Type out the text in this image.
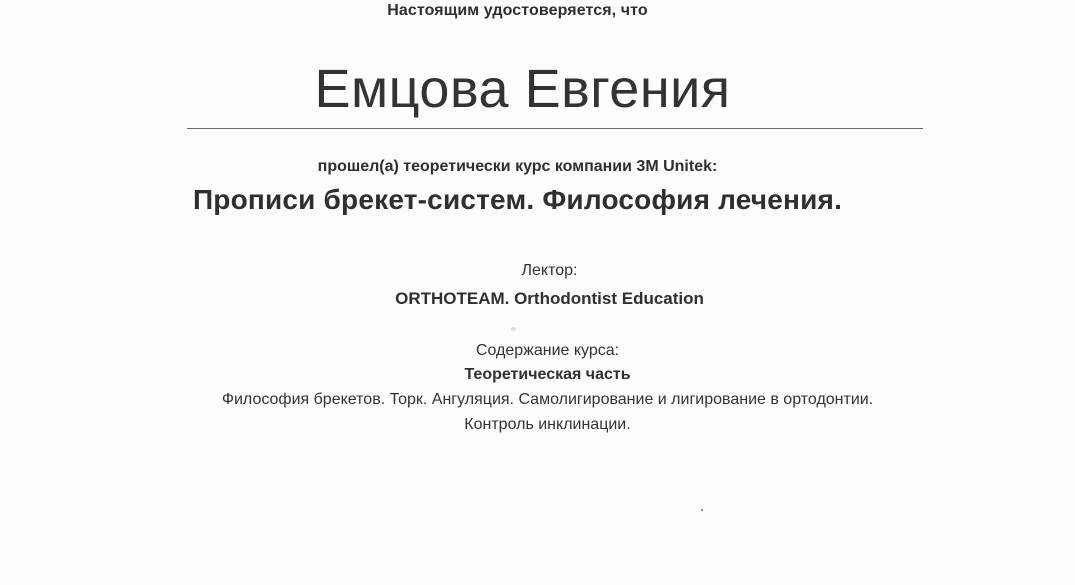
Настоящим удостоверяется, что
Емцова Евгения
прошел(а) теоретически курс компании 3M Unitek:
Прописи брекет-систем. Философия лечения.
Лектор:
ORTHOTEAM. Orthodontist Education
Содержание курса:
Теоретическая часть
Философия брекетов. Торк. Ангуляция. Самолигирование и лигирование в ортодонтии.
Контроль инклинации.
